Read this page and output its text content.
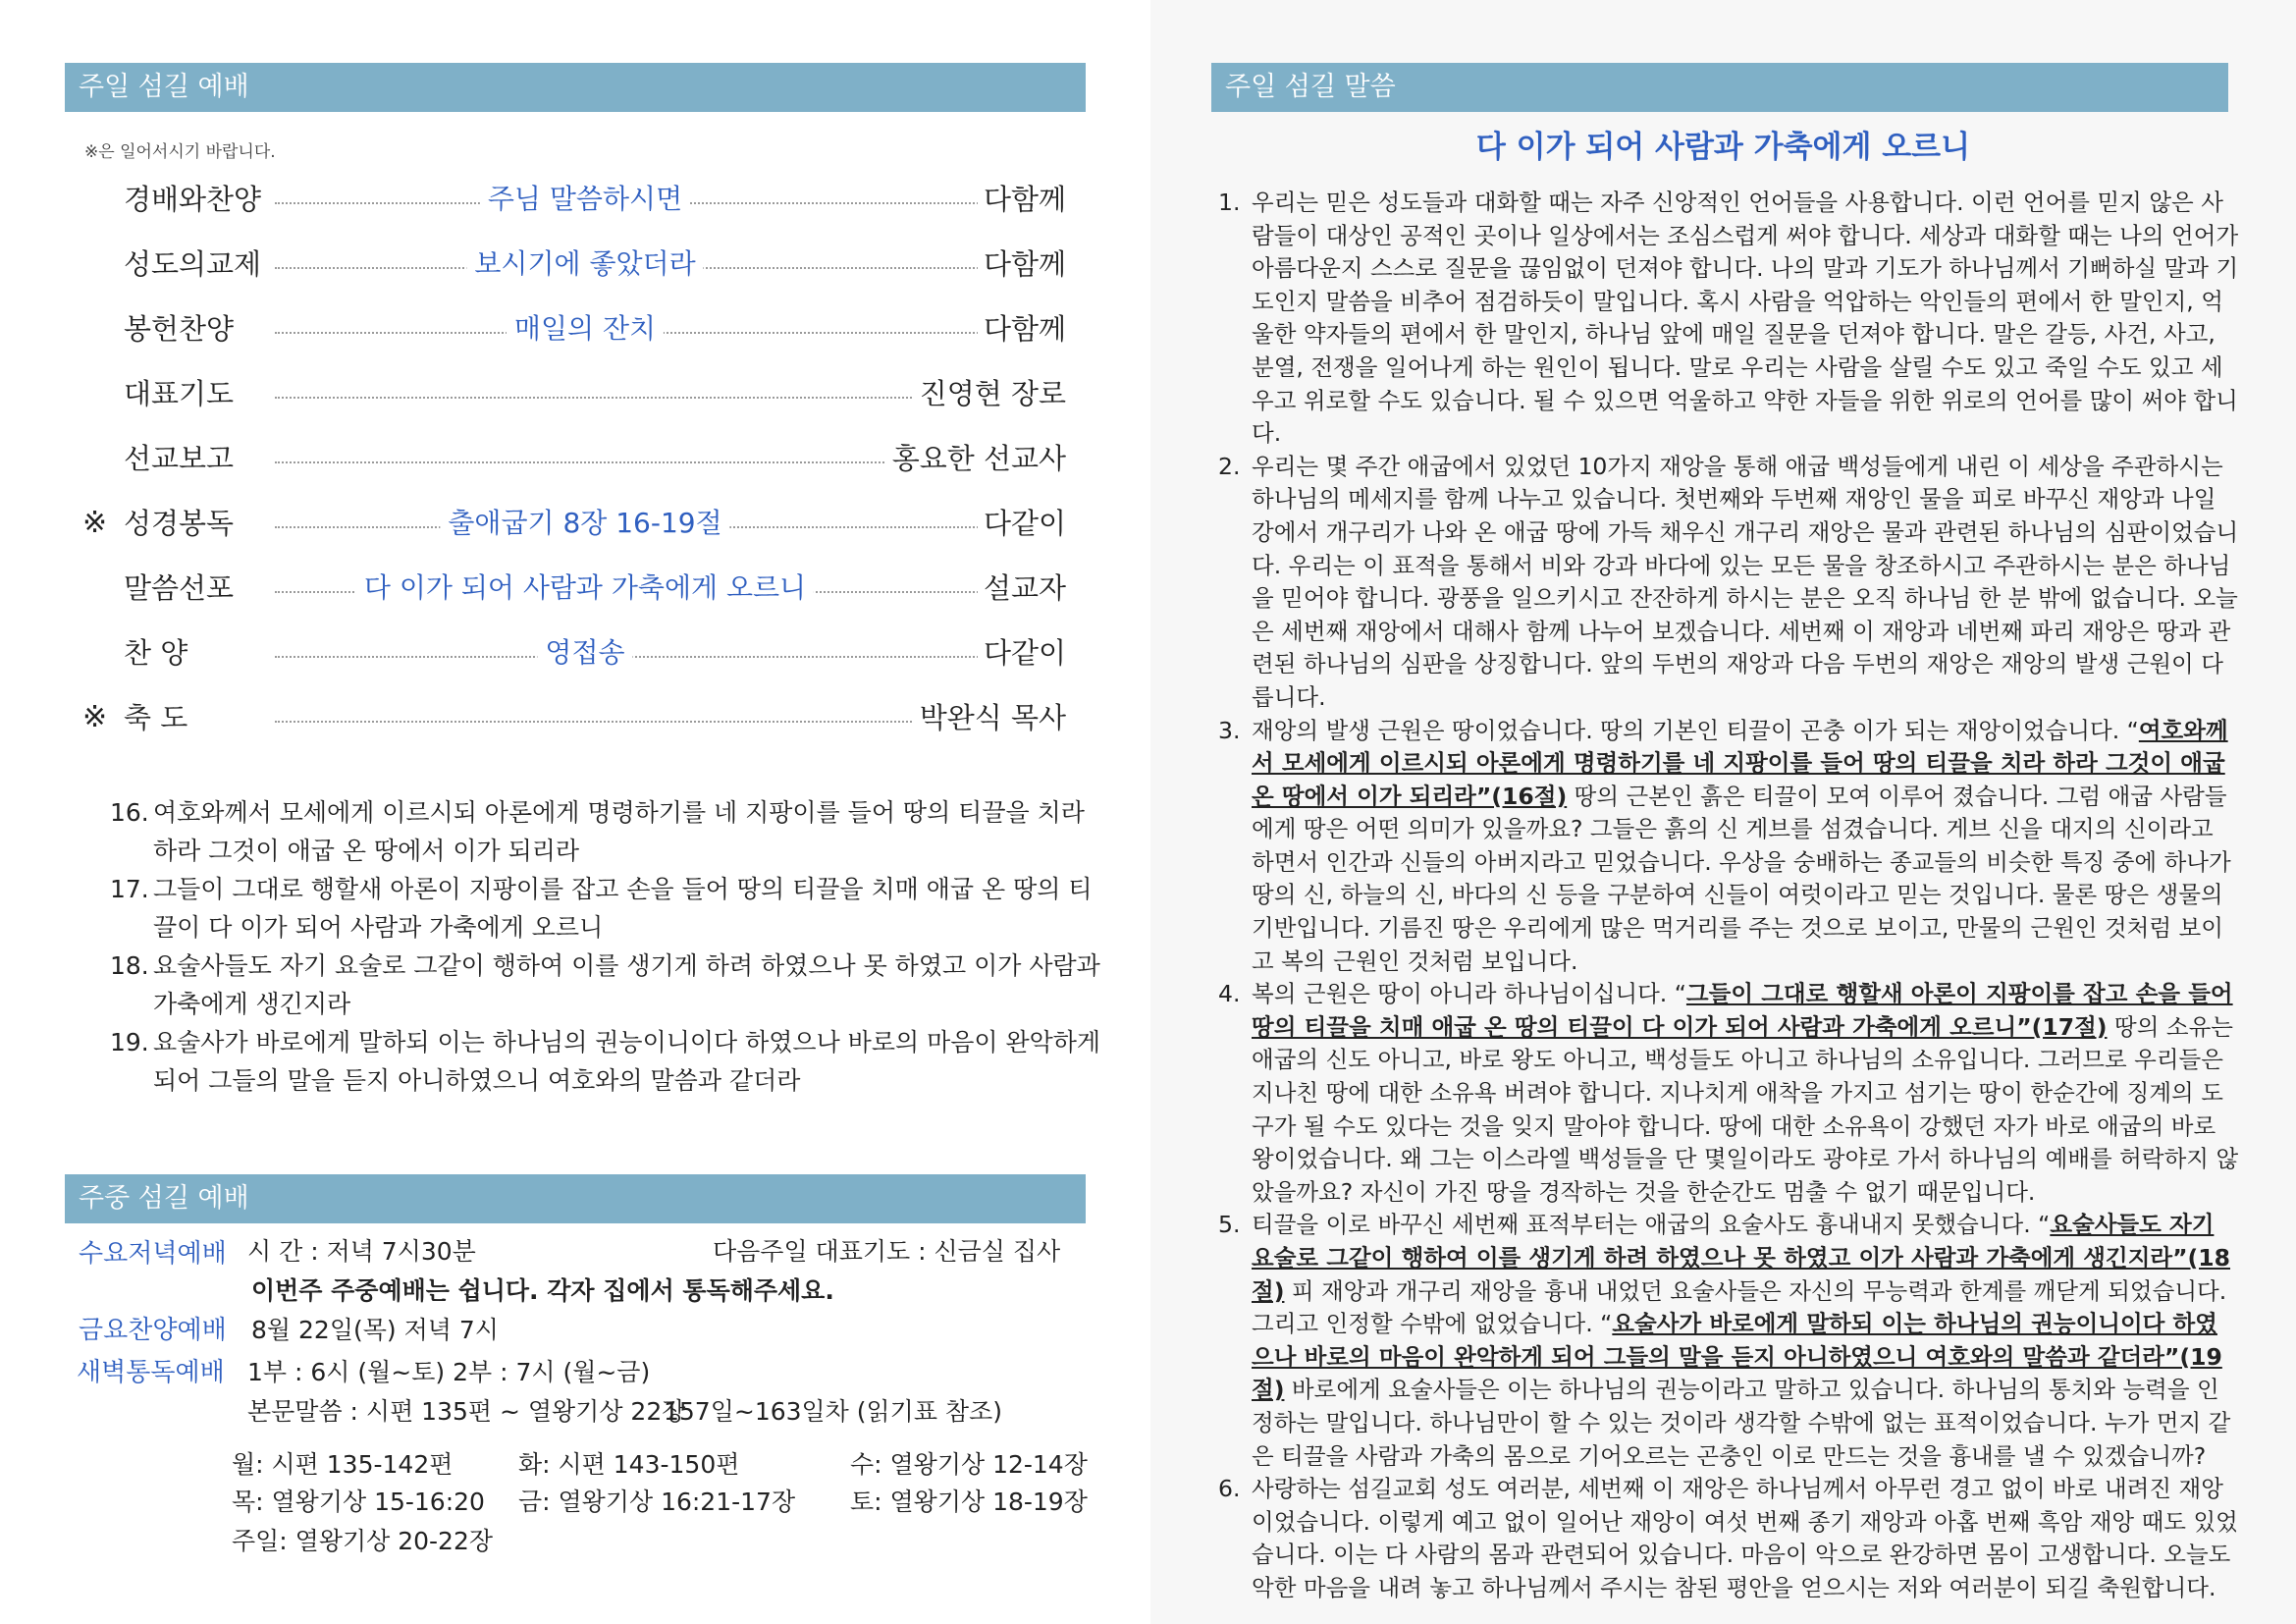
주일 섬길 예배
※은 일어서시기 바랍니다.
경배와찬양	주님 말씀하시면	다함께
성도의교제	보시기에 좋았더라	다함께
봉헌찬양	매일의 잔치	다함께
대표기도	진영현 장로
선교보고	홍요한 선교사
※ 성경봉독	출애굽기 8장 16-19절	다같이
말씀선포	다 이가 되어 사람과 가축에게 오르니	설교자
찬 양	영접송	다같이
※ 축 도	박완식 목사
16. 여호와께서 모세에게 이르시되 아론에게 명령하기를 네 지팡이를 들어 땅의 티끌을 치라 하라 그것이 애굽 온 땅에서 이가 되리라
17. 그들이 그대로 행할새 아론이 지팡이를 잡고 손을 들어 땅의 티끌을 치매 애굽 온 땅의 티끌이 다 이가 되어 사람과 가축에게 오르니
18. 요술사들도 자기 요술로 그같이 행하여 이를 생기게 하려 하였으나 못 하였고 이가 사람과 가축에게 생긴지라
19. 요술사가 바로에게 말하되 이는 하나님의 권능이니이다 하였으나 바로의 마음이 완악하게 되어 그들의 말을 듣지 아니하였으니 여호와의 말씀과 같더라
주중 섬길 예배
수요저녁예배 시 간 : 저녁 7시30분	다음주일 대표기도 : 신금실 집사
이번주 주중예배는 쉽니다. 각자 집에서 통독해주세요.
금요찬양예배 8월 22일(목) 저녁 7시
새벽통독예배 1부 : 6시 (월~토) 2부 : 7시 (월~금)
본문말씀 : 시편 135편 ~ 열왕기상 22장
157일~163일차 (읽기표 참조)
월: 시편 135-142편	화: 시편 143-150편	수: 열왕기상 12-14장
목: 열왕기상 15-16:20 금: 열왕기상 16:21-17장 토: 열왕기상 18-19장
주일: 열왕기상 20-22장
주일 섬길 말씀
다 이가 되어 사람과 가축에게 오르니
1. 우리는 믿은 성도들과 대화할 때는 자주 신앙적인 언어들을 사용합니다. 이런 언어를 믿지 않은 사람들이 대상인 공적인 곳이나 일상에서는 조심스럽게 써야 합니다. 세상과 대화할 때는 나의 언어가 아름다운지 스스로 질문을 끊임없이 던져야 합니다. 나의 말과 기도가 하나님께서 기뻐하실 말과 기도인지 말씀을 비추어 점검하듯이 말입니다. 혹시 사람을 억압하는 악인들의 편에서 한 말인지, 억울한 약자들의 편에서 한 말인지, 하나님 앞에 매일 질문을 던져야 합니다. 말은 갈등, 사건, 사고, 분열, 전쟁을 일어나게 하는 원인이 됩니다. 말로 우리는 사람을 살릴 수도 있고 죽일 수도 있고 세우고 위로할 수도 있습니다. 될 수 있으면 억울하고 약한 자들을 위한 위로의 언어를 많이 써야 합니다.
2. 우리는 몇 주간 애굽에서 있었던 10가지 재앙을 통해 애굽 백성들에게 내린 이 세상을 주관하시는 하나님의 메세지를 함께 나누고 있습니다. 첫번째와 두번째 재앙인 물을 피로 바꾸신 재앙과 나일 강에서 개구리가 나와 온 애굽 땅에 가득 채우신 개구리 재앙은 물과 관련된 하나님의 심판이었습니다. 우리는 이 표적을 통해서 비와 강과 바다에 있는 모든 물을 창조하시고 주관하시는 분은 하나님을 믿어야 합니다. 광풍을 일으키시고 잔잔하게 하시는 분은 오직 하나님 한 분 밖에 없습니다. 오늘은 세번째 재앙에서 대해사 함께 나누어 보겠습니다. 세번째 이 재앙과 네번째 파리 재앙은 땅과 관련된 하나님의 심판을 상징합니다. 앞의 두번의 재앙과 다음 두번의 재앙은 재앙의 발생 근원이 다릅니다.
3. 재앙의 발생 근원은 땅이었습니다. 땅의 기본인 티끌이 곤충 이가 되는 재앙이었습니다. “여호와께서 모세에게 이르시되 아론에게 명령하기를 네 지팡이를 들어 땅의 티끌을 치라 하라 그것이 애굽 온 땅에서 이가 되리라”(16절) 땅의 근본인 흙은 티끌이 모여 이루어 졌습니다. 그럼 애굽 사람들에게 땅은 어떤 의미가 있을까요? 그들은 흙의 신 게브를 섬겼습니다. 게브 신을 대지의 신이라고 하면서 인간과 신들의 아버지라고 믿었습니다. 우상을 숭배하는 종교들의 비슷한 특징 중에 하나가 땅의 신, 하늘의 신, 바다의 신 등을 구분하여 신들이 여럿이라고 믿는 것입니다. 물론 땅은 생물의 기반입니다. 기름진 땅은 우리에게 많은 먹거리를 주는 것으로 보이고, 만물의 근원인 것처럼 보이고 복의 근원인 것처럼 보입니다.
4. 복의 근원은 땅이 아니라 하나님이십니다. “그들이 그대로 행할새 아론이 지팡이를 잡고 손을 들어 땅의 티끌을 치매 애굽 온 땅의 티끌이 다 이가 되어 사람과 가축에게 오르니”(17절) 땅의 소유는 애굽의 신도 아니고, 바로 왕도 아니고, 백성들도 아니고 하나님의 소유입니다. 그러므로 우리들은 지나친 땅에 대한 소유욕 버려야 합니다. 지나치게 애착을 가지고 섬기는 땅이 한순간에 징계의 도구가 될 수도 있다는 것을 잊지 말아야 합니다. 땅에 대한 소유욕이 강했던 자가 바로 애굽의 바로 왕이었습니다. 왜 그는 이스라엘 백성들을 단 몇일이라도 광야로 가서 하나님의 예배를 허락하지 않았을까요? 자신이 가진 땅을 경작하는 것을 한순간도 멈출 수 없기 때문입니다.
5. 티끌을 이로 바꾸신 세번째 표적부터는 애굽의 요술사도 흉내내지 못했습니다. “요술사들도 자기 요술로 그같이 행하여 이를 생기게 하려 하였으나 못 하였고 이가 사람과 가축에게 생긴지라”(18절) 피 재앙과 개구리 재앙을 흉내 내었던 요술사들은 자신의 무능력과 한계를 깨닫게 되었습니다. 그리고 인정할 수밖에 없었습니다. “요술사가 바로에게 말하되 이는 하나님의 권능이니이다 하였으나 바로의 마음이 완악하게 되어 그들의 말을 듣지 아니하였으니 여호와의 말씀과 같더라”(19절) 바로에게 요술사들은 이는 하나님의 권능이라고 말하고 있습니다. 하나님의 통치와 능력을 인정하는 말입니다. 하나님만이 할 수 있는 것이라 생각할 수밖에 없는 표적이었습니다. 누가 먼지 같은 티끌을 사람과 가축의 몸으로 기어오르는 곤충인 이로 만드는 것을 흉내를 낼 수 있겠습니까?
6. 사랑하는 섬길교회 성도 여러분, 세번째 이 재앙은 하나님께서 아무런 경고 없이 바로 내려진 재앙이었습니다. 이렇게 예고 없이 일어난 재앙이 여섯 번째 종기 재앙과 아홉 번째 흑암 재앙 때도 있었습니다. 이는 다 사람의 몸과 관련되어 있습니다. 마음이 악으로 완강하면 몸이 고생합니다. 오늘도 악한 마음을 내려 놓고 하나님께서 주시는 참된 평안을 얻으시는 저와 여러분이 되길 축원합니다.
